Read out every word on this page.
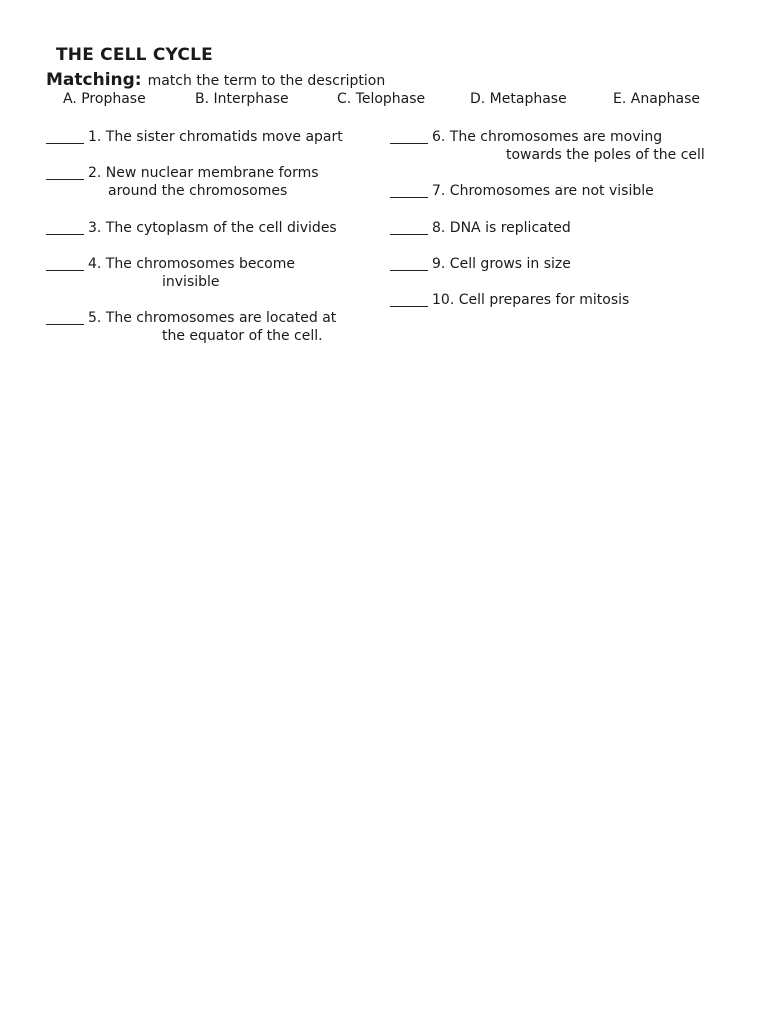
THE CELL CYCLE
Matching: match the term to the description
A. Prophase	B. Interphase	C. Telophase	D. Metaphase	E. Anaphase
1. The sister chromatids move apart
2. New nuclear membrane forms
around the chromosomes
3. The cytoplasm of the cell divides
4. The chromosomes become
invisible
5. The chromosomes are located at
the equator of the cell.
6. The chromosomes are moving
towards the poles of the cell
7. Chromosomes are not visible
8. DNA is replicated
9. Cell grows in size
10. Cell prepares for mitosis
